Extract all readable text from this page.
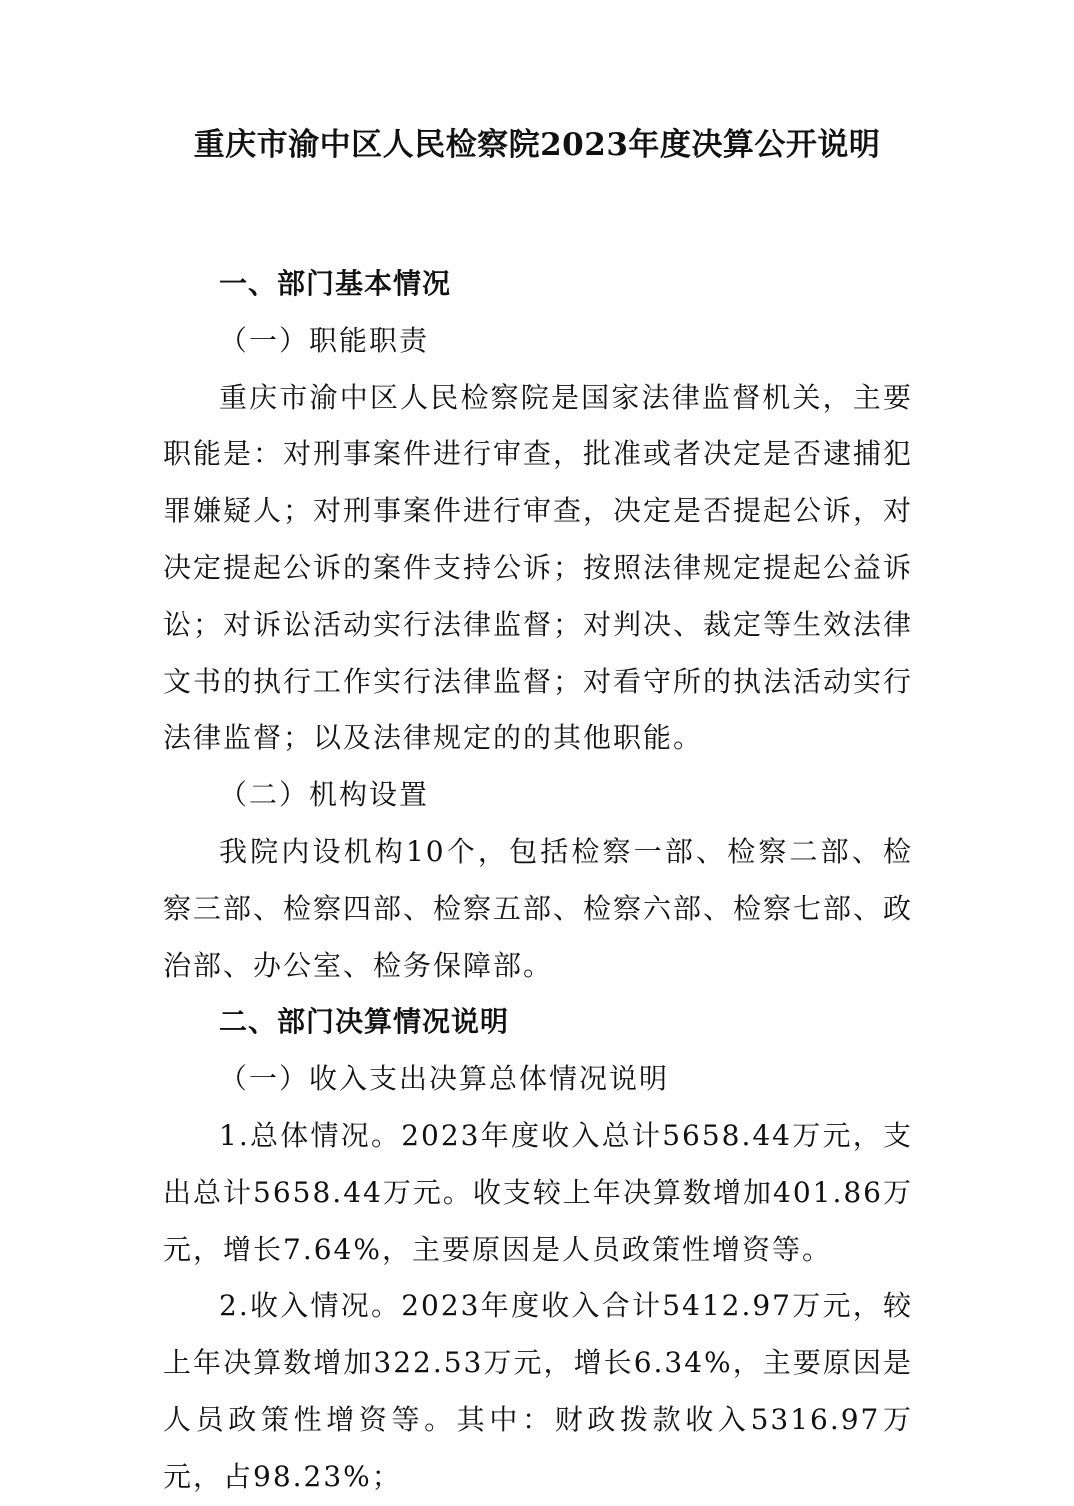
重庆市渝中区人民检察院2023年度决算公开说明

一、部门基本情况

（一）职能职责

重庆市渝中区人民检察院是国家法律监督机关，主要职能是：对刑事案件进行审查，批准或者决定是否逮捕犯罪嫌疑人；对刑事案件进行审查，决定是否提起公诉，对决定提起公诉的案件支持公诉；按照法律规定提起公益诉讼；对诉讼活动实行法律监督；对判决、裁定等生效法律文书的执行工作实行法律监督；对看守所的执法活动实行法律监督；以及法律规定的的其他职能。

（二）机构设置

我院内设机构10个，包括检察一部、检察二部、检察三部、检察四部、检察五部、检察六部、检察七部、政治部、办公室、检务保障部。

二、部门决算情况说明

（一）收入支出决算总体情况说明

1.总体情况。2023年度收入总计5658.44万元，支出总计5658.44万元。收支较上年决算数增加401.86万元，增长7.64%，主要原因是人员政策性增资等。

2.收入情况。2023年度收入合计5412.97万元，较上年决算数增加322.53万元，增长6.34%，主要原因是人员政策性增资等。其中：财政拨款收入5316.97万元，占98.23%；
